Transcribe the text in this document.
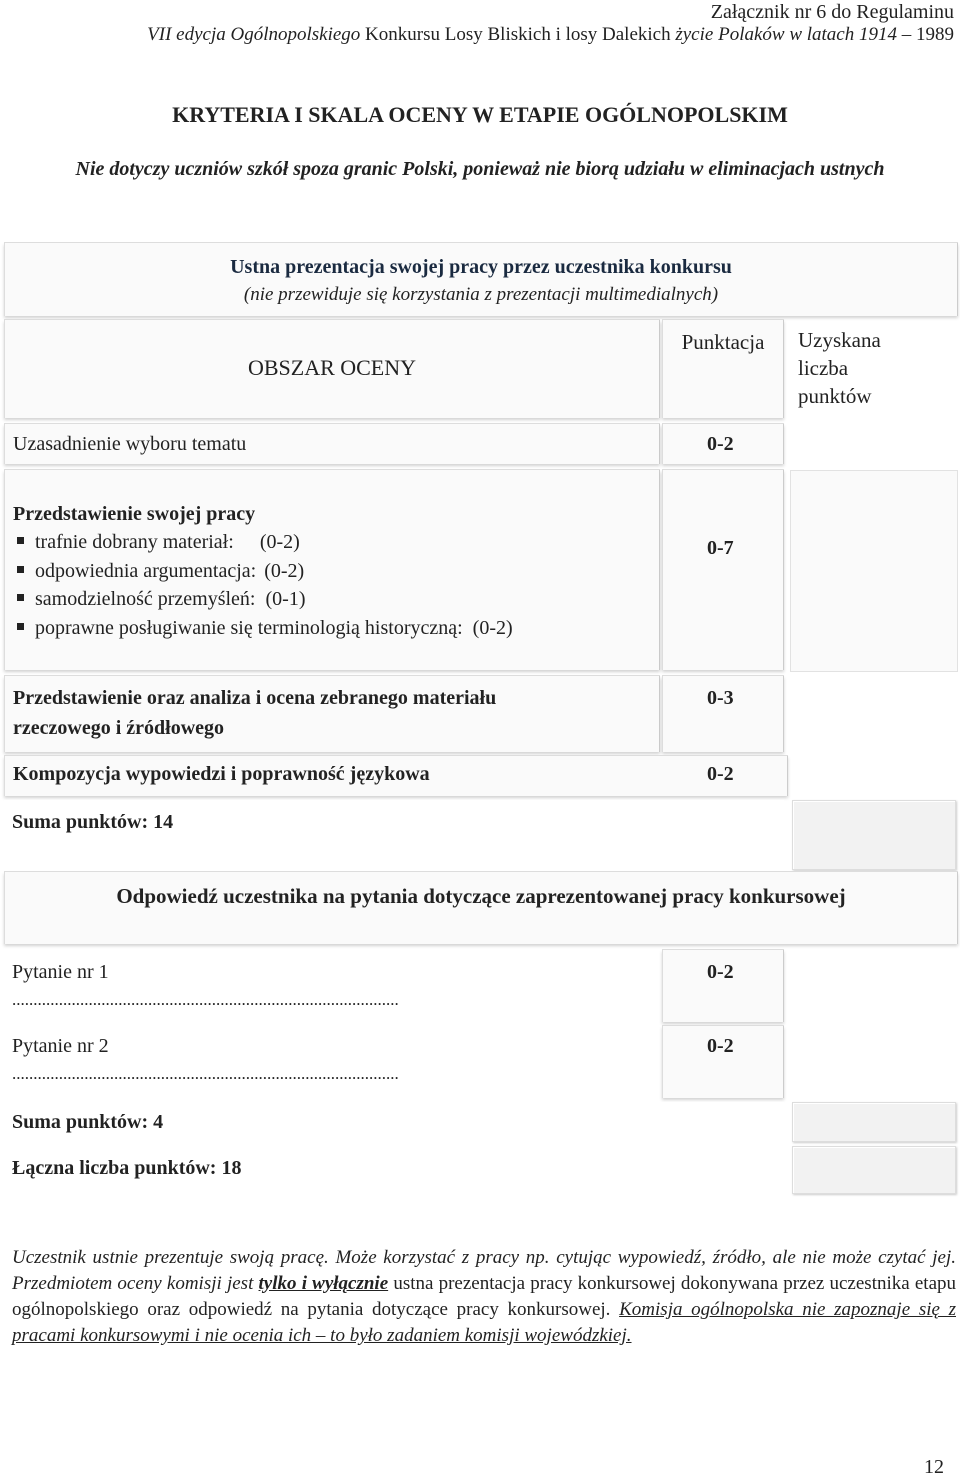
Załącznik nr 6 do Regulaminu
VII edycja Ogólnopolskiego Konkursu Losy Bliskich i losy Dalekich życie Polaków w latach 1914 – 1989
KRYTERIA I SKALA OCENY W ETAPIE OGÓLNOPOLSKIM
Nie dotyczy uczniów szkół spoza granic Polski, ponieważ nie biorą udziału w eliminacjach ustnych
Ustna prezentacja swojej pracy przez uczestnika konkursu
(nie przewiduje się korzystania z prezentacji multimedialnych)
OBSZAR OCENY
Punktacja	Uzyskana
liczba
punktów
Uzasadnienie wyboru tematu	0-2
Przedstawienie swojej pracy
trafnie dobrany materiał: (0-2)
odpowiednia argumentacja: (0-2)
samodzielność przemyśleń: (0-1)
poprawne posługiwanie się terminologią historyczną: (0-2)
0-7
Przedstawienie oraz analiza i ocena zebranego materiału
rzeczowego i źródłowego
0-3
Kompozycja wypowiedzi i poprawność językowa	0-2
Suma punktów: 14
Odpowiedź uczestnika na pytania dotyczące zaprezentowanej pracy konkursowej
Pytanie nr 1
...........................................................................................
0-2
Pytanie nr 2
...........................................................................................
0-2
Suma punktów: 4
Łączna liczba punktów: 18
Uczestnik ustnie prezentuje swoją pracę. Może korzystać z pracy np. cytując wypowiedź, źródło, ale nie może czytać jej. Przedmiotem oceny komisji jest tylko i wyłącznie ustna prezentacja pracy konkursowej dokonywana przez uczestnika etapu ogólnopolskiego oraz odpowiedź na pytania dotyczące pracy konkursowej. Komisja ogólnopolska nie zapoznaje się z pracami konkursowymi i nie ocenia ich – to było zadaniem komisji wojewódzkiej.
12
